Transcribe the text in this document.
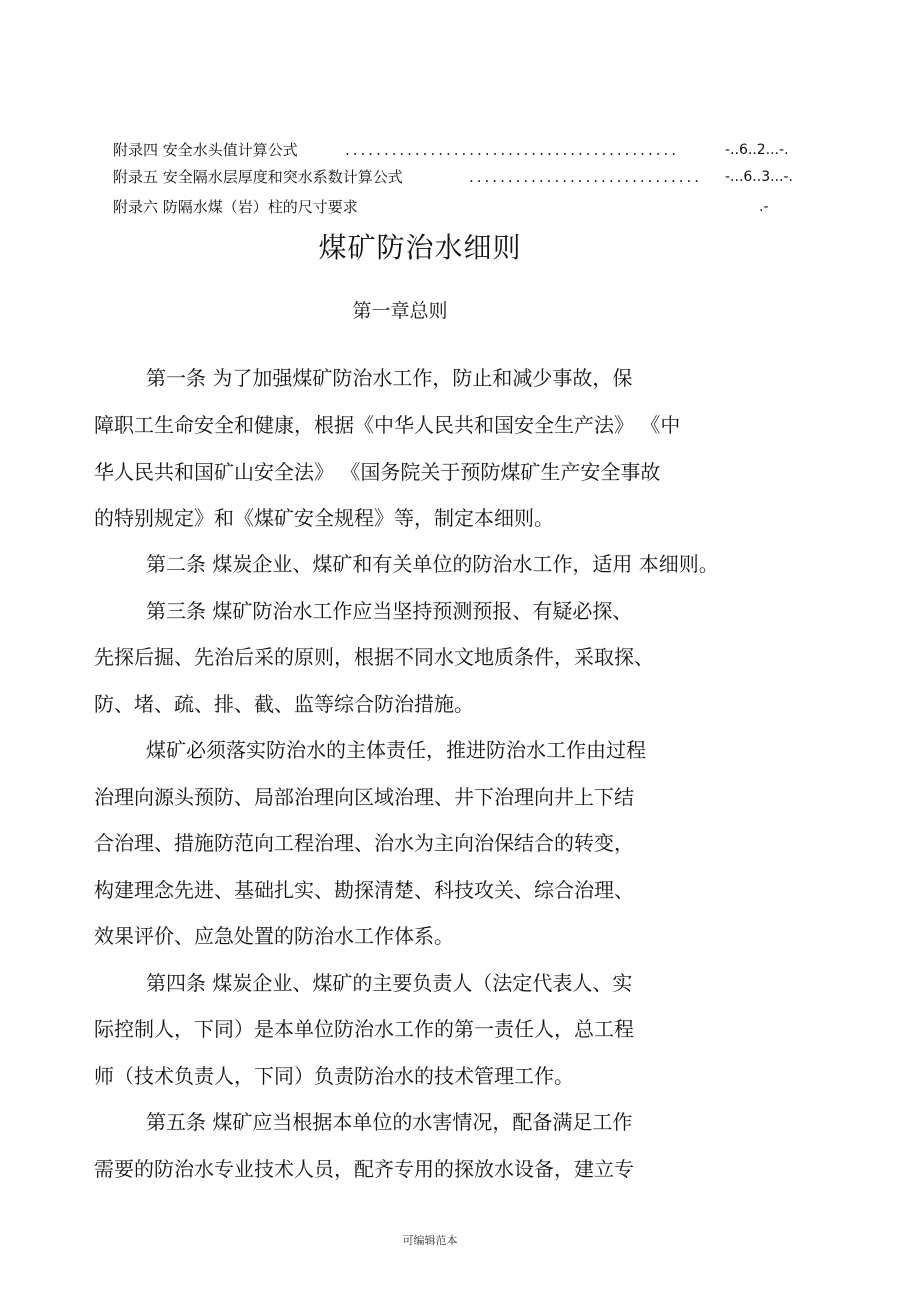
附录四 安全水头值计算公式	...........................................	-..6..2...-.
附录五 安全隔水层厚度和突水系数计算公式	..............................	-...6..3...-.
附录六 防隔水煤（岩）柱的尺寸要求	.-
煤矿防治水细则
第一章总则
第一条 为了加强煤矿防治水工作，防止和减少事故，保
障职工生命安全和健康，根据《中华人民共和国安全生产法》 《中
华人民共和国矿山安全法》 《国务院关于预防煤矿生产安全事故
的特别规定》和《煤矿安全规程》等，制定本细则。
第二条 煤炭企业、煤矿和有关单位的防治水工作，适用 本细则。
第三条 煤矿防治水工作应当坚持预测预报、有疑必探、
先探后掘、先治后采的原则，根据不同水文地质条件，采取探、
防、堵、疏、排、截、监等综合防治措施。
煤矿必须落实防治水的主体责任，推进防治水工作由过程
治理向源头预防、局部治理向区域治理、井下治理向井上下结
合治理、措施防范向工程治理、治水为主向治保结合的转变，
构建理念先进、基础扎实、勘探清楚、科技攻关、综合治理、
效果评价、应急处置的防治水工作体系。
第四条 煤炭企业、煤矿的主要负责人（法定代表人、实
际控制人，下同）是本单位防治水工作的第一责任人，总工程
师（技术负责人，下同）负责防治水的技术管理工作。
第五条 煤矿应当根据本单位的水害情况，配备满足工作
需要的防治水专业技术人员，配齐专用的探放水设备，建立专
可编辑范本
